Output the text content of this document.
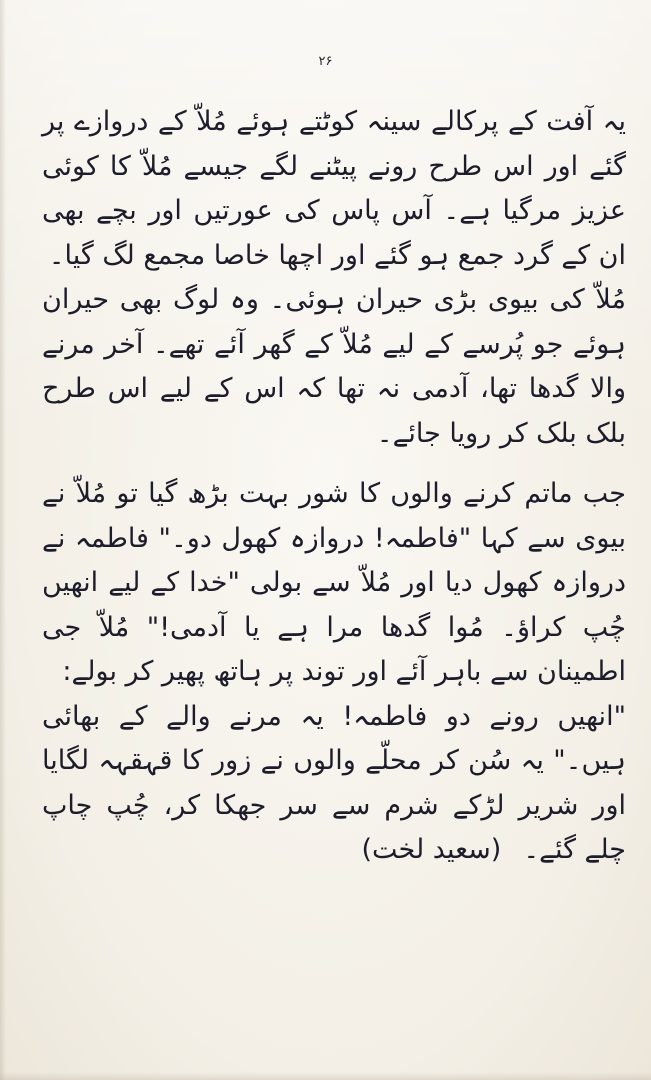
۲۶

یہ آفت کے پرکالے سینہ کوٹتے ہوئے مُلاّ کے دروازے پر گئے اور اس طرح رونے پیٹنے لگے جیسے مُلاّ کا کوئی عزیز مرگیا ہے۔ آس پاس کی عورتیں اور بچے بھی ان کے گرد جمع ہو گئے اور اچھا خاصا مجمع لگ گیا۔

مُلاّ کی بیوی بڑی حیران ہوئی۔ وہ لوگ بھی حیران ہوئے جو پُرسے کے لیے مُلاّ کے گھر آئے تھے۔ آخر مرنے والا گدھا تھا، آدمی نہ تھا کہ اس کے لیے اس طرح بلک بلک کر رویا جائے۔

جب ماتم کرنے والوں کا شور بہت بڑھ گیا تو مُلاّ نے بیوی سے کہا "فاطمہ! دروازہ کھول دو۔" فاطمہ نے دروازہ کھول دیا اور مُلاّ سے بولی "خدا کے لیے انھیں چُپ کراؤ۔ مُوا گدھا مرا ہے یا آدمی!" مُلاّ جی اطمینان سے باہر آئے اور توند پر ہاتھ پھیر کر بولے:

"انھیں رونے دو فاطمہ! یہ مرنے والے کے بھائی ہیں۔" یہ سُن کر محلّے والوں نے زور کا قہقہہ لگایا اور شریر لڑکے شرم سے سر جھکا کر، چُپ چاپ چلے گئے۔(سعید لخت)
